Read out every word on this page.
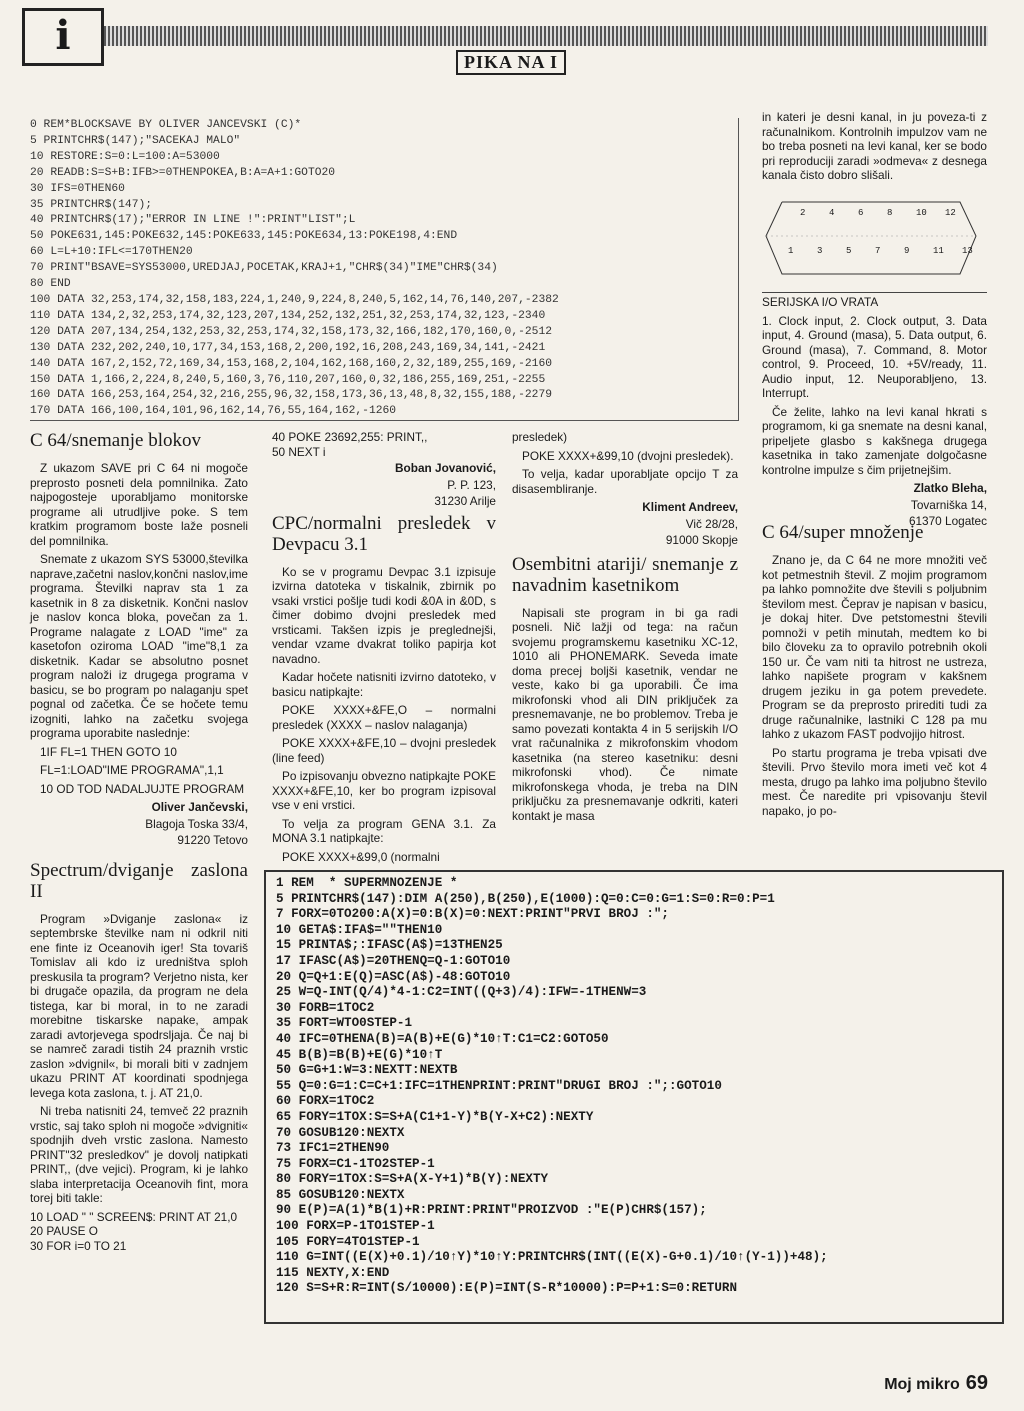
i
PIKA NA I
0 REM*BLOCKSAVE BY OLIVER JANCEVSKI (C)*
5 PRINTCHR$(147);"SACEKAJ MALO"
10 RESTORE:S=0:L=100:A=53000
20 READB:S=S+B:IFB>=0THENPOKEA,B:A=A+1:GOTO20
30 IFS=0THEN60
35 PRINTCHR$(147);
40 PRINTCHR$(17);"ERROR IN LINE !":PRINT"LIST";L
50 POKE631,145:POKE632,145:POKE633,145:POKE634,13:POKE198,4:END
60 L=L+10:IFL<=170THEN20
70 PRINT"BSAVE=SYS53000,UREDJAJ,POCETAK,KRAJ+1,"CHR$(34)"IME"CHR$(34)
80 END
100 DATA 32,253,174,32,158,183,224,1,240,9,224,8,240,5,162,14,76,140,207,-2382
110 DATA 134,2,32,253,174,32,123,207,134,252,132,251,32,253,174,32,123,-2340
120 DATA 207,134,254,132,253,32,253,174,32,158,173,32,166,182,170,160,0,-2512
130 DATA 232,202,240,10,177,34,153,168,2,200,192,16,208,243,169,34,141,-2421
140 DATA 167,2,152,72,169,34,153,168,2,104,162,168,160,2,32,189,255,169,-2160
150 DATA 1,166,2,224,8,240,5,160,3,76,110,207,160,0,32,186,255,169,251,-2255
160 DATA 166,253,164,254,32,216,255,96,32,158,173,36,13,48,8,32,155,188,-2279
170 DATA 166,100,164,101,96,162,14,76,55,164,162,-1260

in kateri je desni kanal, in ju poveza-ti z računalnikom. Kontrolnih impulzov vam ne bo treba posneti na levi kanal, ker se bodo pri reproduciji zaradi »odmeva« z desnega kanala čisto dobro slišali.

2	4	6	8	10 12
1	3	5	7	9	11 13

SERIJSKA I/O VRATA

1. Clock input, 2. Clock output, 3. Data input, 4. Ground (masa), 5. Data output, 6. Ground (masa), 7. Command, 8. Motor control, 9. Proceed, 10. +5V/ready, 11. Audio input, 12. Neuporabljeno, 13. Interrupt.

Če želite, lahko na levi kanal hkrati s programom, ki ga snemate na desni kanal, pripeljete glasbo s kakšnega drugega kasetnika in tako zamenjate dolgočasne kontrolne impulze s čim prijetnejšim.

Zlatko Bleha,
Tovarniška 14,
61370 Logatec
C 64/snemanje blokov

Z ukazom SAVE pri C 64 ni mogoče preprosto posneti dela pomnilnika. Zato najpogosteje uporabljamo monitorske programe ali utrudljive poke. S tem kratkim programom boste laže posneli del pomnilnika.

Snemate z ukazom SYS 53000,številka naprave,začetni naslov,končni naslov,ime programa. Številki naprav sta 1 za kasetnik in 8 za disketnik. Končni naslov je naslov konca bloka, povečan za 1. Programe nalagate z LOAD "ime" za kasetofon oziroma LOAD "ime"8,1 za disketnik. Kadar se absolutno posnet program naloži iz drugega programa v basicu, se bo program po nalaganju spet pognal od začetka. Če se hočete temu izogniti, lahko na začetku svojega programa uporabite naslednje:

1IF FL=1 THEN GOTO 10

FL=1:LOAD"IME PROGRAMA",1,1

10 OD TOD NADALJUJTE PROGRAM

Oliver Jančevski,
Blagoja Toska 33/4,
91220 Tetovo
Spectrum/dviganje zaslona II

Program »Dviganje zaslona« iz septembrske številke nam ni odkril niti ene finte iz Oceanovih iger! Sta tovariš Tomislav ali kdo iz uredništva sploh preskusila ta program? Verjetno nista, ker bi drugače opazila, da program ne dela tistega, kar bi moral, in to ne zaradi morebitne tiskarske napake, ampak zaradi avtorjevega spodrsljaja. Če naj bi se namreč zaradi tistih 24 praznih vrstic zaslon »dvignil«, bi morali biti v zadnjem ukazu PRINT AT koordinati spodnjega levega kota zaslona, t. j. AT 21,0.

Ni treba natisniti 24, temveč 22 praznih vrstic, saj tako sploh ni mogoče »dvigniti« spodnjih dveh vrstic zaslona. Namesto PRINT"32 presledkov" je dovolj natipkati PRINT,, (dve vejici). Program, ki je lahko slaba interpretacija Oceanovih fint, mora torej biti takle:

10 LOAD " " SCREEN$: PRINT AT 21,0
20 PAUSE O
30 FOR i=0 TO 21
40 POKE 23692,255: PRINT,,
50 NEXT i
Boban Jovanović,
P. P. 123,
31230 Arilje
CPC/normalni presledek v Devpacu 3.1

Ko se v programu Devpac 3.1 izpisuje izvirna datoteka v tiskalnik, zbirnik po vsaki vrstici pošlje tudi kodi &0A in &0D, s čimer dobimo dvojni presledek med vrsticami. Takšen izpis je preglednejši, vendar vzame dvakrat toliko papirja kot navadno.

Kadar hočete natisniti izvirno datoteko, v basicu natipkajte:

POKE XXXX+&FE,O – normalni presledek (XXXX – naslov nalaganja)

POKE XXXX+&FE,10 – dvojni presledek (line feed)

Po izpisovanju obvezno natipkajte POKE XXXX+&FE,10, ker bo program izpisoval vse v eni vrstici.

To velja za program GENA 3.1. Za MONA 3.1 natipkajte:

POKE XXXX+&99,0 (normalni

presledek)

POKE XXXX+&99,10 (dvojni presledek).

To velja, kadar uporabljate opcijo T za disasembliranje.

Kliment Andreev,
Vič 28/28,
91000 Skopje
Osembitni atariji/ snemanje z navadnim kasetnikom

Napisali ste program in bi ga radi posneli. Nič lažji od tega: na račun svojemu programskemu kasetniku XC-12, 1010 ali PHONEMARK. Seveda imate doma precej boljši kasetnik, vendar ne veste, kako bi ga uporabili. Če ima mikrofonski vhod ali DIN priključek za presnemavanje, ne bo problemov. Treba je samo povezati kontakta 4 in 5 serijskih I/O vrat računalnika z mikrofonskim vhodom kasetnika (na stereo kasetniku: desni mikrofonski vhod). Če nimate mikrofonskega vhoda, je treba na DIN priključku za presnemavanje odkriti, kateri kontakt je masa

C 64/super množenje

Znano je, da C 64 ne more množiti več kot petmestnih števil. Z mojim programom pa lahko pomnožite dve števili s poljubnim številom mest. Čeprav je napisan v basicu, je dokaj hiter. Dve petstomestni števili pomnoži v petih minutah, medtem ko bi bilo človeku za to opravilo potrebnih okoli 150 ur. Če vam niti ta hitrost ne ustreza, lahko napišete program v kakšnem drugem jeziku in ga potem prevedete. Program se da preprosto prirediti tudi za druge računalnike, lastniki C 128 pa mu lahko z ukazom FAST podvojijo hitrost.

Po startu programa je treba vpisati dve števili. Prvo število mora imeti več kot 4 mesta, drugo pa lahko ima poljubno število mest. Če naredite pri vpisovanju števil napako, jo po-

1 REM  * SUPERMNOZENJE *
5 PRINTCHR$(147):DIM A(250),B(250),E(1000):Q=0:C=0:G=1:S=0:R=0:P=1
7 FORX=0TO200:A(X)=0:B(X)=0:NEXT:PRINT"PRVI BROJ :";
10 GETA$:IFA$=""THEN10
15 PRINTA$;:IFASC(A$)=13THEN25
17 IFASC(A$)=20THENQ=Q-1:GOTO10
20 Q=Q+1:E(Q)=ASC(A$)-48:GOTO10
25 W=Q-INT(Q/4)*4-1:C2=INT((Q+3)/4):IFW=-1THENW=3
30 FORB=1TOC2
35 FORT=WTO0STEP-1
40 IFC=0THENA(B)=A(B)+E(G)*10↑T:C1=C2:GOTO50
45 B(B)=B(B)+E(G)*10↑T
50 G=G+1:W=3:NEXTT:NEXTB
55 Q=0:G=1:C=C+1:IFC=1THENPRINT:PRINT"DRUGI BROJ :";:GOTO10
60 FORX=1TOC2
65 FORY=1TOX:S=S+A(C1+1-Y)*B(Y-X+C2):NEXTY
70 GOSUB120:NEXTX
73 IFC1=2THEN90
75 FORX=C1-1TO2STEP-1
80 FORY=1TOX:S=S+A(X-Y+1)*B(Y):NEXTY
85 GOSUB120:NEXTX
90 E(P)=A(1)*B(1)+R:PRINT:PRINT"PROIZVOD :"E(P)CHR$(157);
100 FORX=P-1TO1STEP-1
105 FORY=4TO1STEP-1
110 G=INT((E(X)+0.1)/10↑Y)*10↑Y:PRINTCHR$(INT((E(X)-G+0.1)/10↑(Y-1))+48);
115 NEXTY,X:END
120 S=S+R:R=INT(S/10000):E(P)=INT(S-R*10000):P=P+1:S=0:RETURN
Moj mikro 69
